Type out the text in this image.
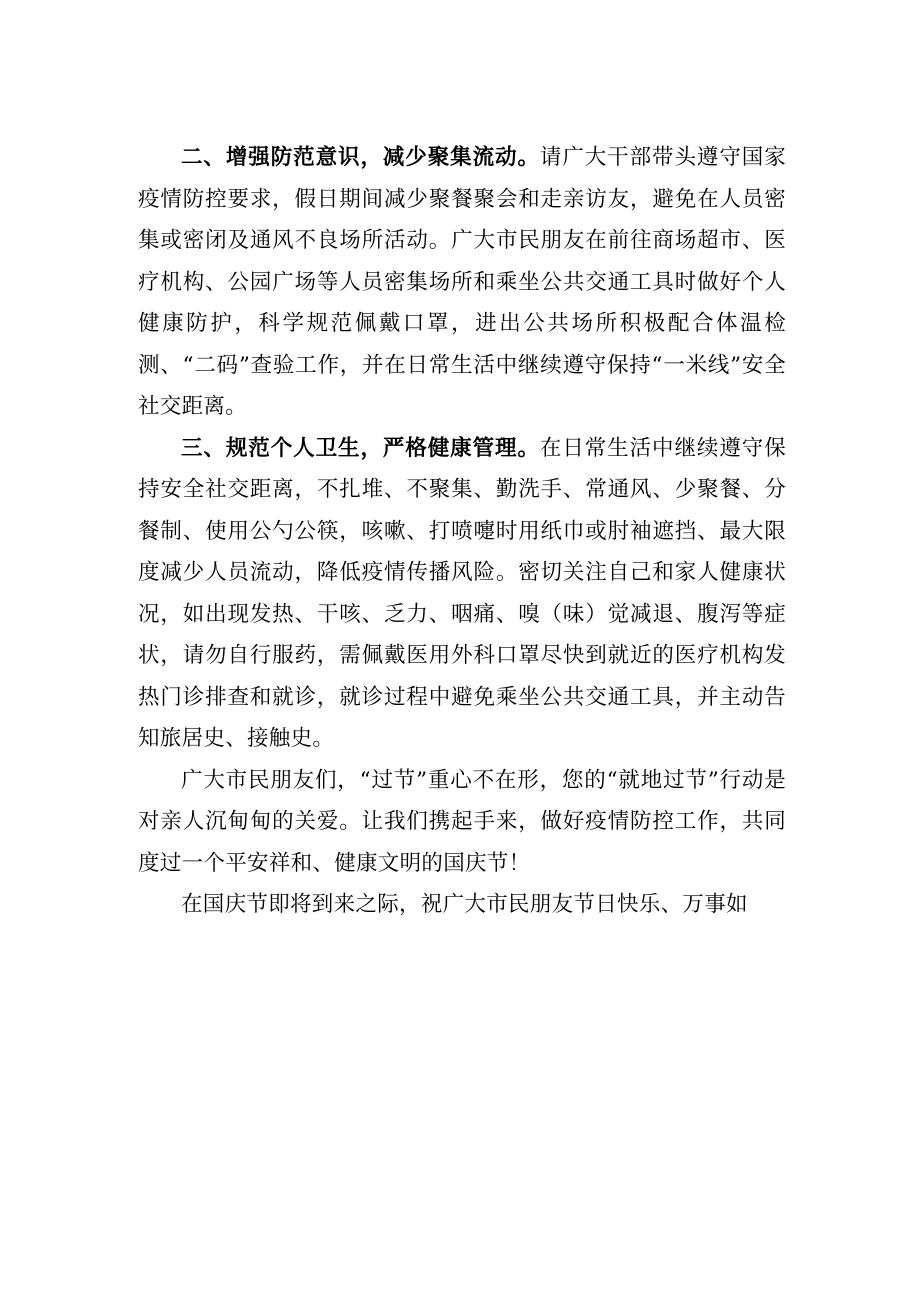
二、增强防范意识，减少聚集流动。请广大干部带头遵守国家疫情防控要求，假日期间减少聚餐聚会和走亲访友，避免在人员密集或密闭及通风不良场所活动。广大市民朋友在前往商场超市、医疗机构、公园广场等人员密集场所和乘坐公共交通工具时做好个人健康防护，科学规范佩戴口罩，进出公共场所积极配合体温检测、“二码”查验工作，并在日常生活中继续遵守保持“一米线”安全社交距离。

三、规范个人卫生，严格健康管理。在日常生活中继续遵守保持安全社交距离，不扎堆、不聚集、勤洗手、常通风、少聚餐、分餐制、使用公勺公筷，咳嗽、打喷嚏时用纸巾或肘袖遮挡、最大限度减少人员流动，降低疫情传播风险。密切关注自己和家人健康状况，如出现发热、干咳、乏力、咽痛、嗅（味）觉减退、腹泻等症状，请勿自行服药，需佩戴医用外科口罩尽快到就近的医疗机构发热门诊排查和就诊，就诊过程中避免乘坐公共交通工具，并主动告知旅居史、接触史。

广大市民朋友们，“过节”重心不在形，您的“就地过节”行动是对亲人沉甸甸的关爱。让我们携起手来，做好疫情防控工作，共同度过一个平安祥和、健康文明的国庆节！

在国庆节即将到来之际，祝广大市民朋友节日快乐、万事如
